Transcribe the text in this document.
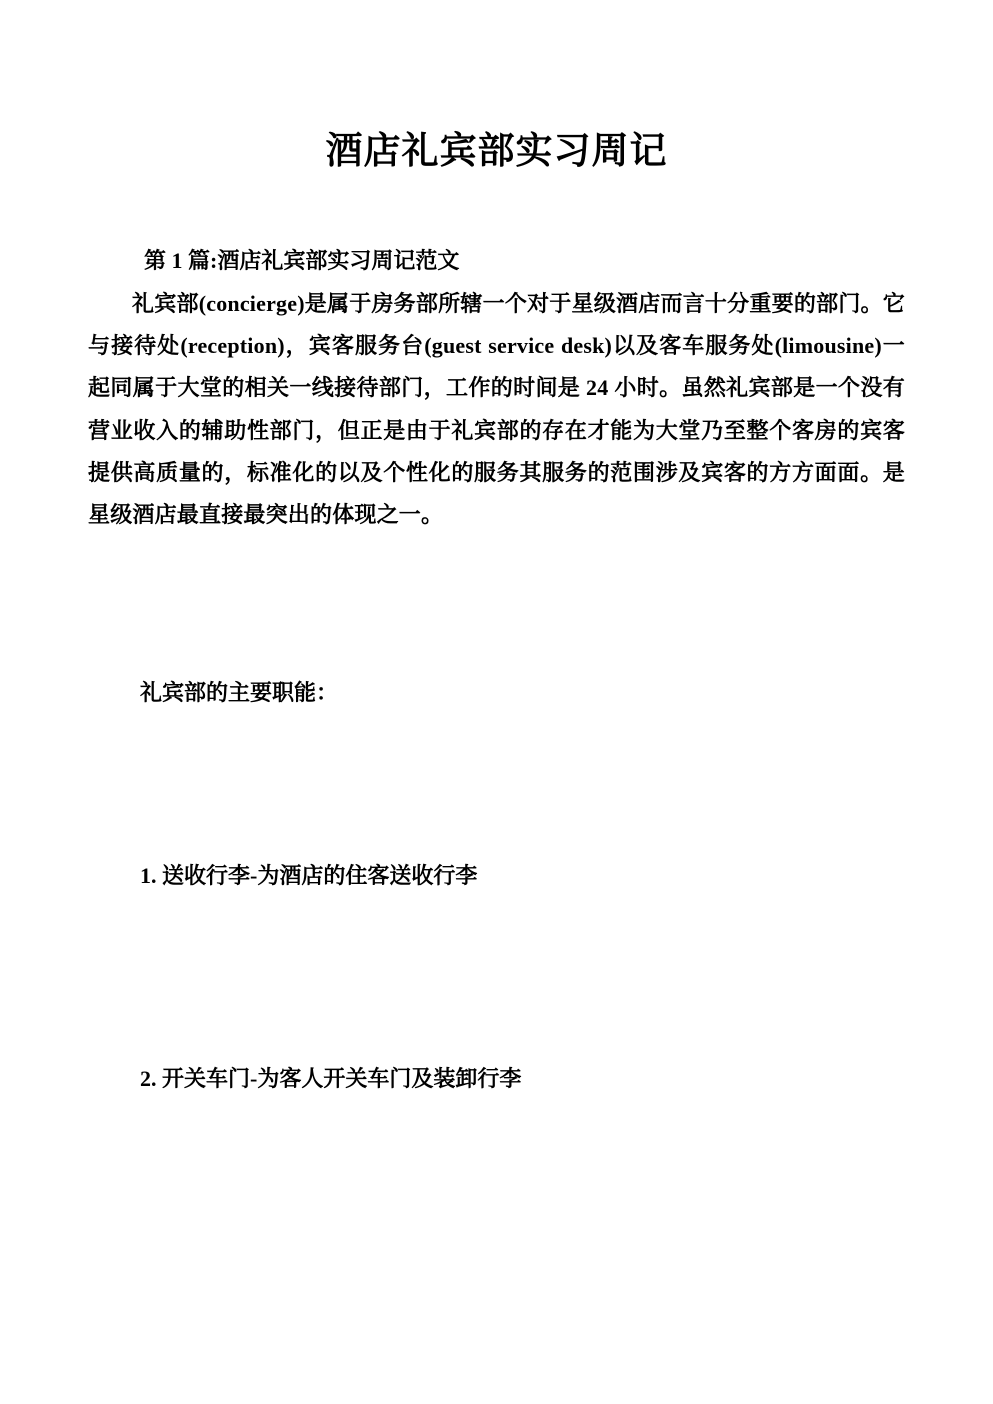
酒店礼宾部实习周记

第 1 篇:酒店礼宾部实习周记范文

礼宾部(concierge)是属于房务部所辖一个对于星级酒店而言十分重要的部门。它与接待处(reception)，宾客服务台(guest service desk)以及客车服务处(limousine)一起同属于大堂的相关一线接待部门，工作的时间是 24 小时。虽然礼宾部是一个没有营业收入的辅助性部门，但正是由于礼宾部的存在才能为大堂乃至整个客房的宾客提供高质量的，标准化的以及个性化的服务其服务的范围涉及宾客的方方面面。是星级酒店最直接最突出的体现之一。

礼宾部的主要职能：

1. 送收行李-为酒店的住客送收行李

2. 开关车门-为客人开关车门及装卸行李
